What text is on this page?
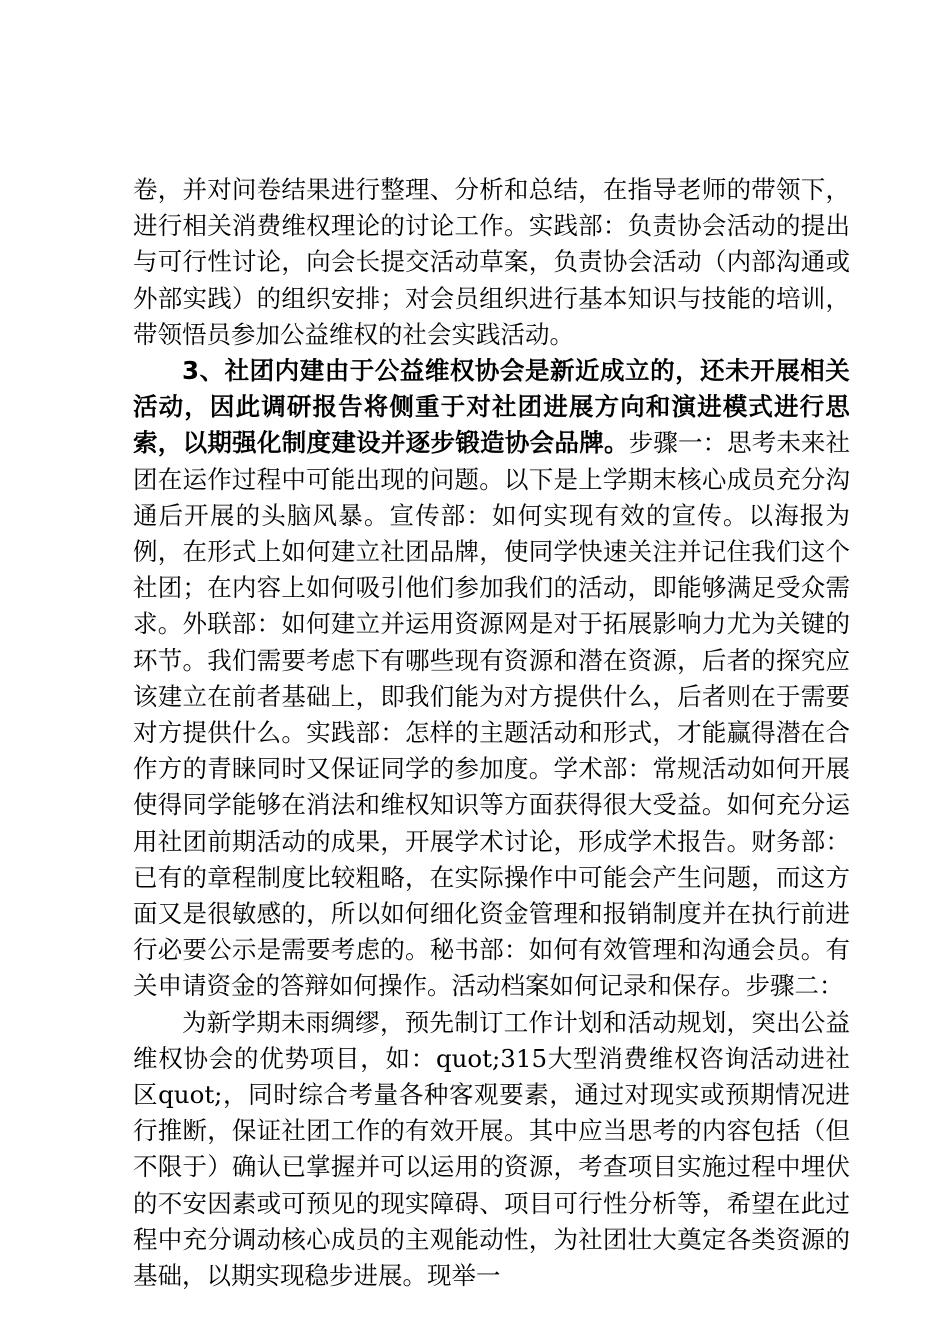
卷，并对问卷结果进行整理、分析和总结，在指导老师的带领下，进行相关消费维权理论的讨论工作。实践部：负责协会活动的提出与可行性讨论，向会长提交活动草案，负责协会活动（内部沟通或外部实践）的组织安排；对会员组织进行基本知识与技能的培训，带领悟员参加公益维权的社会实践活动。

3、社团内建由于公益维权协会是新近成立的，还未开展相关活动，因此调研报告将侧重于对社团进展方向和演进模式进行思索，以期强化制度建设并逐步锻造协会品牌。步骤一：思考未来社团在运作过程中可能出现的问题。以下是上学期末核心成员充分沟通后开展的头脑风暴。宣传部：如何实现有效的宣传。以海报为例，在形式上如何建立社团品牌，使同学快速关注并记住我们这个社团；在内容上如何吸引他们参加我们的活动，即能够满足受众需求。外联部：如何建立并运用资源网是对于拓展影响力尤为关键的环节。我们需要考虑下有哪些现有资源和潜在资源，后者的探究应该建立在前者基础上，即我们能为对方提供什么，后者则在于需要对方提供什么。实践部：怎样的主题活动和形式，才能赢得潜在合作方的青睐同时又保证同学的参加度。学术部：常规活动如何开展使得同学能够在消法和维权知识等方面获得很大受益。如何充分运用社团前期活动的成果，开展学术讨论，形成学术报告。财务部：已有的章程制度比较粗略，在实际操作中可能会产生问题，而这方面又是很敏感的，所以如何细化资金管理和报销制度并在执行前进行必要公示是需要考虑的。秘书部：如何有效管理和沟通会员。有关申请资金的答辩如何操作。活动档案如何记录和保存。步骤二：

为新学期未雨绸缪，预先制订工作计划和活动规划，突出公益维权协会的优势项目，如：quot;315大型消费维权咨询活动进社区quot;，同时综合考量各种客观要素，通过对现实或预期情况进行推断，保证社团工作的有效开展。其中应当思考的内容包括（但不限于）确认已掌握并可以运用的资源，考查项目实施过程中埋伏的不安因素或可预见的现实障碍、项目可行性分析等，希望在此过程中充分调动核心成员的主观能动性，为社团壮大奠定各类资源的基础，以期实现稳步进展。现举一
